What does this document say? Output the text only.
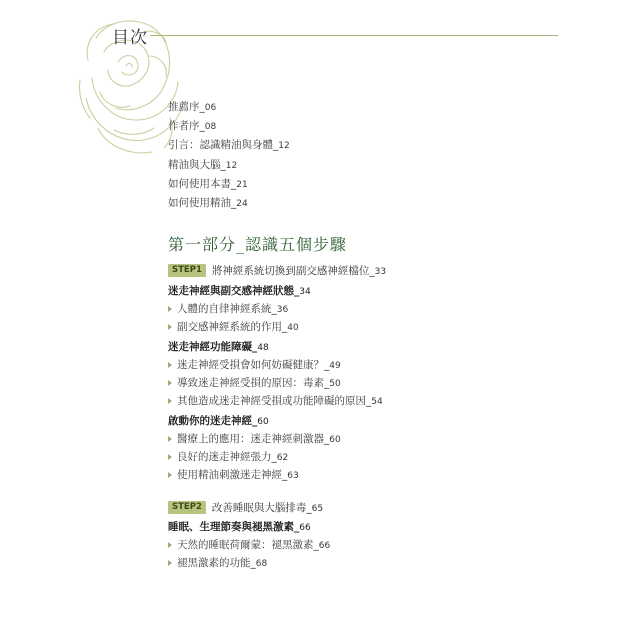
目次
推薦序_06
作者序_08
引言：認識精油與身體_12
精油與大腦_12
如何使用本書_21
如何使用精油_24
第一部分_認識五個步驟
STEP1 將神經系統切換到副交感神經檔位_33
迷走神經與副交感神經狀態_34
人體的自律神經系統_36
副交感神經系統的作用_40
迷走神經功能障礙_48
迷走神經受損會如何妨礙健康？_49
導致迷走神經受損的原因：毒素_50
其他造成迷走神經受損或功能障礙的原因_54
啟動你的迷走神經_60
醫療上的應用：迷走神經刺激器_60
良好的迷走神經張力_62
使用精油刺激迷走神經_63
STEP2 改善睡眠與大腦排毒_65
睡眠、生理節奏與褪黑激素_66
天然的睡眠荷爾蒙：褪黑激素_66
褪黑激素的功能_68
